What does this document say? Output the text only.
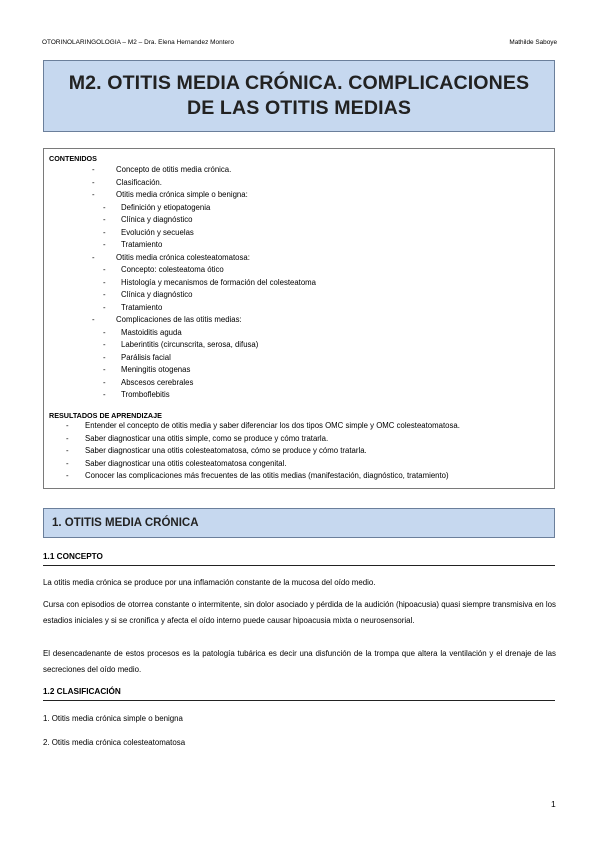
OTORINOLARINGOLOGIA – M2 – Dra. Elena Hernandez Montero	Mathilde Saboye
M2. OTITIS MEDIA CRÓNICA. COMPLICACIONES
DE LAS OTITIS MEDIAS
CONTENIDOS
-	Concepto de otitis media crónica.
-	Clasificación.
-	Otitis media crónica simple o benigna:
- Definición y etiopatogenia
- Clínica y diagnóstico
- Evolución y secuelas
- Tratamiento
-	Otitis media crónica colesteatomatosa:
- Concepto: colesteatoma ótico
- Histología y mecanismos de formación del colesteatoma
- Clínica y diagnóstico
- Tratamiento
-	Complicaciones de las otitis medias:
- Mastoiditis aguda
- Laberintitis (circunscrita, serosa, difusa)
- Parálisis facial
- Meningitis otogenas
- Abscesos cerebrales
- Tromboflebitis
RESULTADOS DE APRENDIZAJE
- Entender el concepto de otitis media y saber diferenciar los dos tipos OMC simple y OMC colesteatomatosa.
- Saber diagnosticar una otitis simple, como se produce y cómo tratarla.
- Saber diagnosticar una otitis colesteatomatosa, cómo se produce y cómo tratarla.
- Saber diagnosticar una otitis colesteatomatosa congenital.
- Conocer las complicaciones más frecuentes de las otitis medias (manifestación, diagnóstico, tratamiento)
1. OTITIS MEDIA CRÓNICA
1.1 CONCEPTO
La otitis media crónica se produce por una inflamación constante de la mucosa del oído medio.
Cursa con episodios de otorrea constante o intermitente, sin dolor asociado y pérdida de la audición (hipoacusia) quasi siempre transmisiva en los estadios iniciales y si se cronifica y afecta el oído interno puede causar hipoacusia mixta o neurosensorial.
El desencadenante de estos procesos es la patología tubárica es decir una disfunción de la trompa que altera la ventilación y el drenaje de las secreciones del oído medio.
1.2 CLASIFICACIÓN
1. Otitis media crónica simple o benigna
2. Otitis media crónica colesteatomatosa
1
